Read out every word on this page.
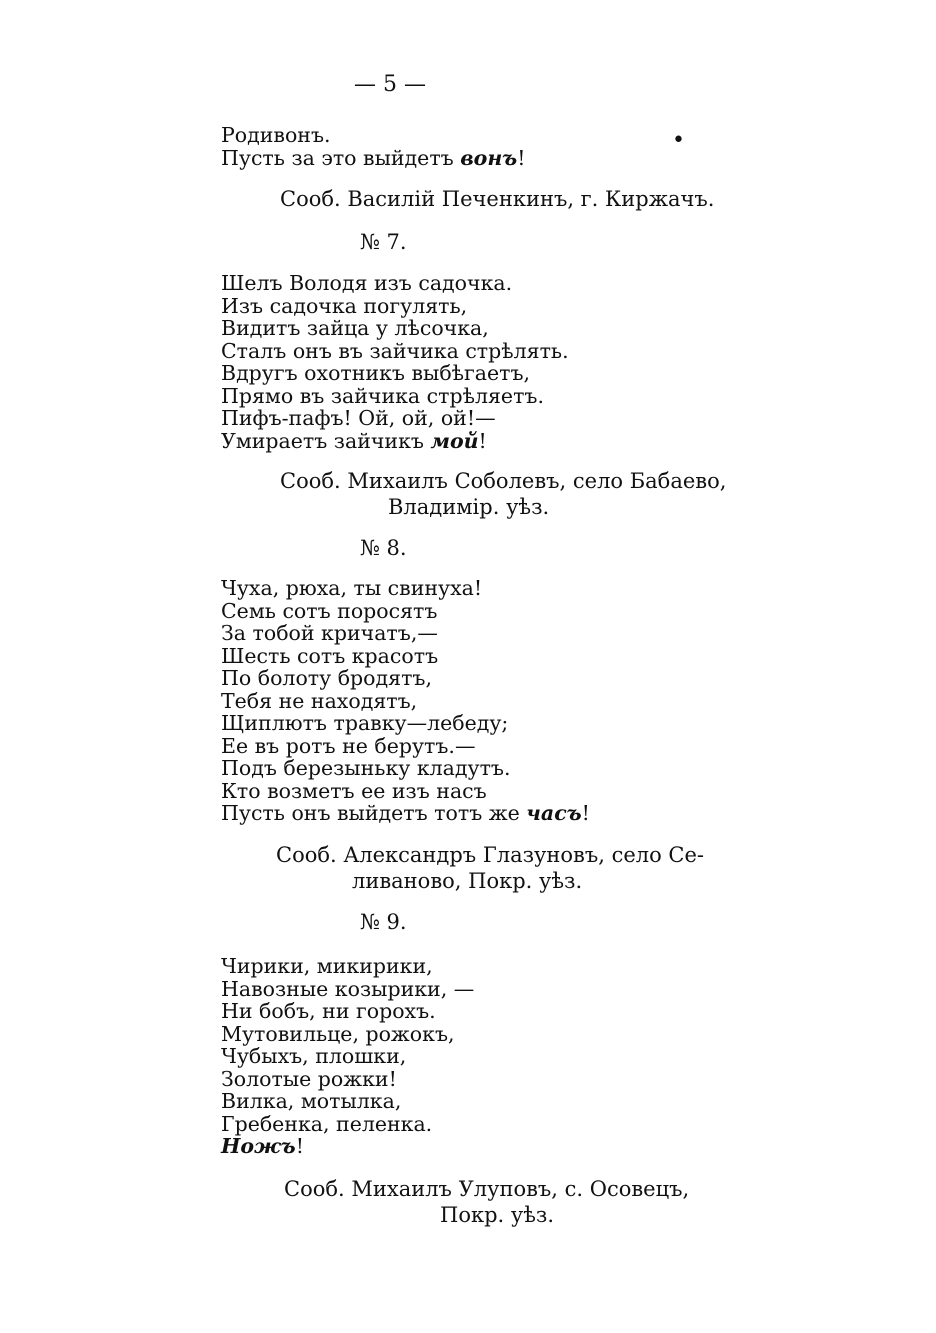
— 5 —
•
Родивонъ.
Пусть за это выйдетъ вонъ!
Сооб. Василій Печенкинъ, г. Киржачъ.
№ 7.
Шелъ Володя изъ садочка.
Изъ садочка погулять,
Видитъ зайца у лѣсочка,
Сталъ онъ въ зайчика стрѣлять.
Вдругъ охотникъ выбѣгаетъ,
Прямо въ зайчика стрѣляетъ.
Пифъ-пафъ! Ой, ой, ой!—
Умираетъ зайчикъ мой!
Сооб. Михаилъ Соболевъ, село Бабаево,
Владимір. уѣз.
№ 8.
Чуха, рюха, ты свинуха!
Семь сотъ поросятъ
За тобой кричатъ,—
Шесть сотъ красотъ
По болоту бродятъ,
Тебя не находятъ,
Щиплютъ травку—лебеду;
Ее въ ротъ не берутъ.—
Подъ березыньку кладутъ.
Кто возметъ ее изъ насъ
Пусть онъ выйдетъ тотъ же часъ!
Сооб. Александръ Глазуновъ, село Се-
ливаново, Покр. уѣз.
№ 9.
Чирики, микирики,
Навозные козырики, —
Ни бобъ, ни горохъ.
Мутовильце, рожокъ,
Чубыхъ, плошки,
Золотые рожки!
Вилка, мотылка,
Гребенка, пеленка.
Ножъ!
Сооб. Михаилъ Улуповъ, с. Осовецъ,
Покр. уѣз.
